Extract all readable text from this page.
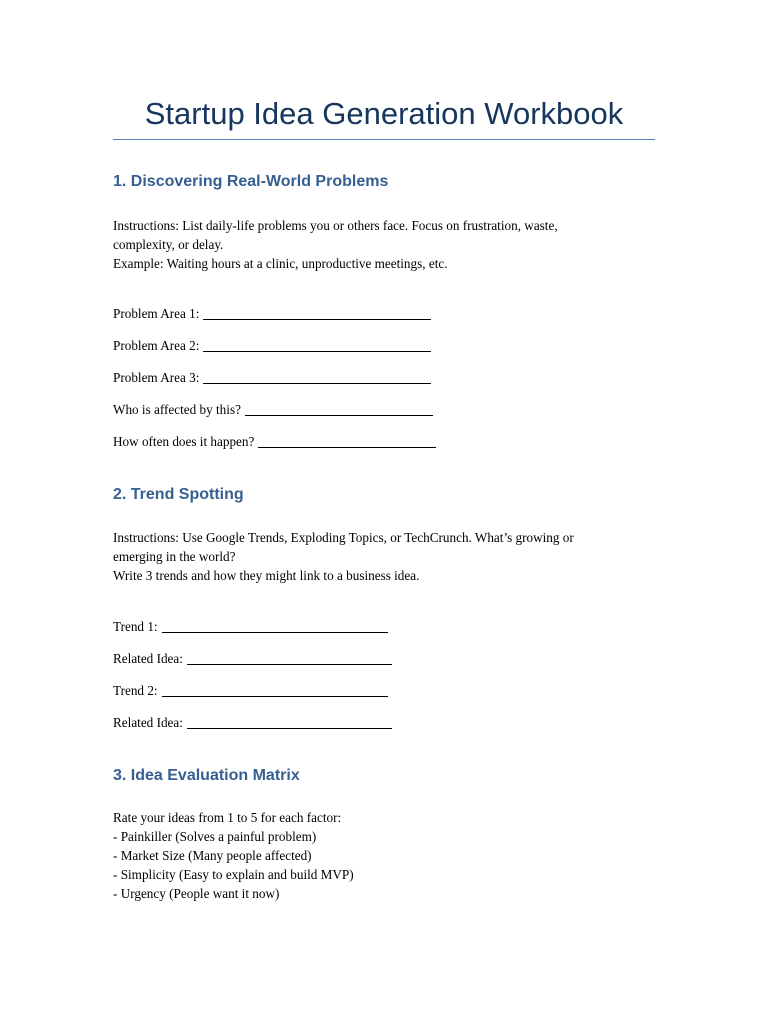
Startup Idea Generation Workbook
1. Discovering Real-World Problems
Instructions: List daily-life problems you or others face. Focus on frustration, waste,
complexity, or delay.
Example: Waiting hours at a clinic, unproductive meetings, etc.
Problem Area 1:
Problem Area 2:
Problem Area 3:
Who is affected by this?
How often does it happen?
2. Trend Spotting
Instructions: Use Google Trends, Exploding Topics, or TechCrunch. What’s growing or
emerging in the world?
Write 3 trends and how they might link to a business idea.
Trend 1:
Related Idea:
Trend 2:
Related Idea:
3. Idea Evaluation Matrix
Rate your ideas from 1 to 5 for each factor:
- Painkiller (Solves a painful problem)
- Market Size (Many people affected)
- Simplicity (Easy to explain and build MVP)
- Urgency (People want it now)
